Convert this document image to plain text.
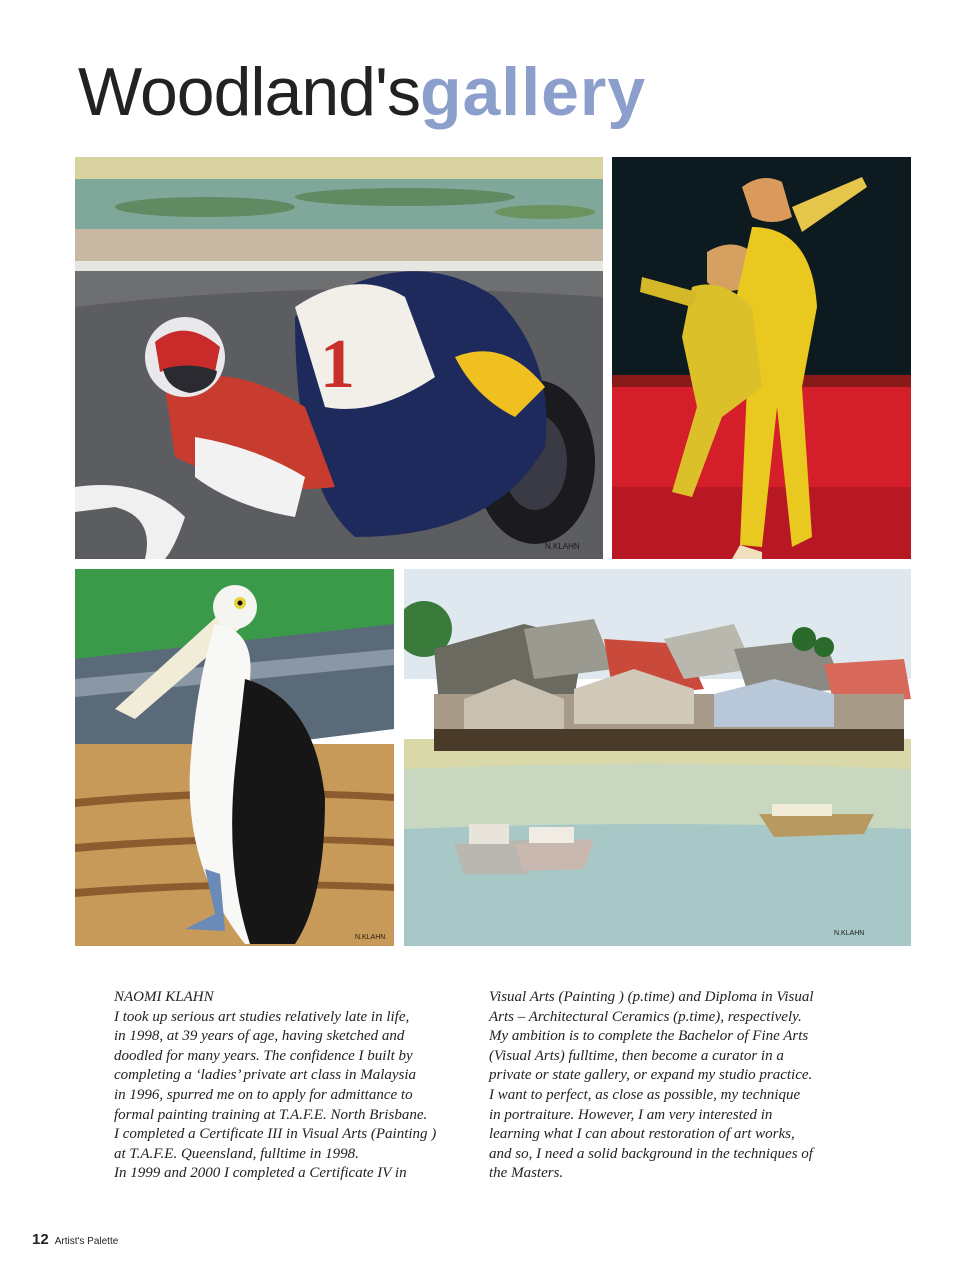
Woodland'sgallery
1
N.KLAHN
N.KLAHN
N.KLAHN

NAOMI KLAHN

I took up serious art studies relatively late in life,

in 1998, at 39 years of age, having sketched and

doodled for many years. The confidence I built by

completing a ‘ladies’ private art class in Malaysia

in 1996, spurred me on to apply for admittance to

formal painting training at T.A.F.E. North Brisbane.

I completed a Certificate III in Visual Arts (Painting )

at T.A.F.E. Queensland, fulltime in 1998.

In 1999 and 2000 I completed a Certificate IV in

Visual Arts (Painting ) (p.time) and Diploma in Visual

Arts – Architectural Ceramics (p.time), respectively.

My ambition is to complete the Bachelor of Fine Arts

(Visual Arts) fulltime, then become a curator in a

private or state gallery, or expand my studio practice.

I want to perfect, as close as possible, my technique

in portraiture. However, I am very interested in

learning what I can about restoration of art works,

and so, I need a solid background in the techniques of

the Masters.

12 Artist's Palette
